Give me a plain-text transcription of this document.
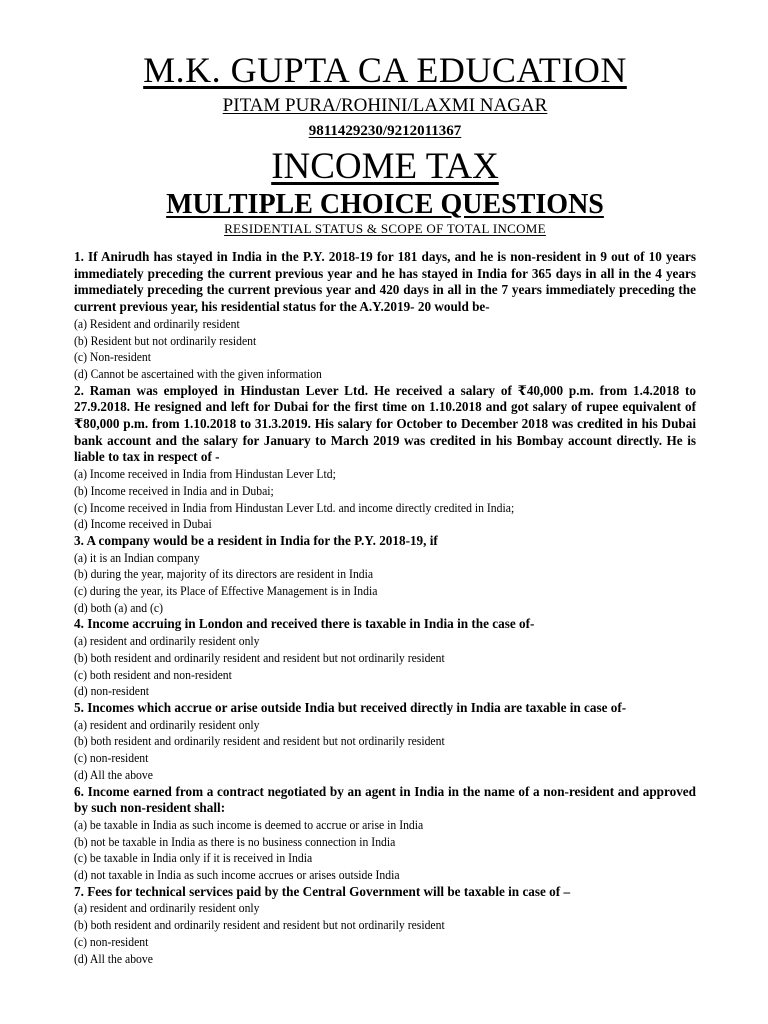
M.K. GUPTA CA EDUCATION
PITAM PURA/ROHINI/LAXMI NAGAR
9811429230/9212011367
INCOME TAX
MULTIPLE CHOICE QUESTIONS
RESIDENTIAL STATUS & SCOPE OF TOTAL INCOME

1. If Anirudh has stayed in India in the P.Y. 2018-19 for 181 days, and he is non-resident in 9 out of 10 years immediately preceding the current previous year and he has stayed in India for 365 days in all in the 4 years immediately preceding the current previous year and 420 days in all in the 7 years immediately preceding the current previous year, his residential status for the A.Y.2019- 20 would be-

(a) Resident and ordinarily resident
(b) Resident but not ordinarily resident
(c) Non-resident
(d) Cannot be ascertained with the given information

2. Raman was employed in Hindustan Lever Ltd. He received a salary of ₹40,000 p.m. from 1.4.2018 to 27.9.2018. He resigned and left for Dubai for the first time on 1.10.2018 and got salary of rupee equivalent of ₹80,000 p.m. from 1.10.2018 to 31.3.2019. His salary for October to December 2018 was credited in his Dubai bank account and the salary for January to March 2019 was credited in his Bombay account directly. He is liable to tax in respect of -

(a) Income received in India from Hindustan Lever Ltd;
(b) Income received in India and in Dubai;
(c) Income received in India from Hindustan Lever Ltd. and income directly credited in India;
(d) Income received in Dubai

3. A company would be a resident in India for the P.Y. 2018-19, if

(a) it is an Indian company
(b) during the year, majority of its directors are resident in India
(c) during the year, its Place of Effective Management is in India
(d) both (a) and (c)

4. Income accruing in London and received there is taxable in India in the case of-

(a) resident and ordinarily resident only
(b) both resident and ordinarily resident and resident but not ordinarily resident
(c) both resident and non-resident
(d) non-resident

5. Incomes which accrue or arise outside India but received directly in India are taxable in case of-

(a) resident and ordinarily resident only
(b) both resident and ordinarily resident and resident but not ordinarily resident
(c) non-resident
(d) All the above

6. Income earned from a contract negotiated by an agent in India in the name of a non-resident and approved by such non-resident shall:

(a) be taxable in India as such income is deemed to accrue or arise in India
(b) not be taxable in India as there is no business connection in India
(c) be taxable in India only if it is received in India
(d) not taxable in India as such income accrues or arises outside India

7. Fees for technical services paid by the Central Government will be taxable in case of –

(a) resident and ordinarily resident only
(b) both resident and ordinarily resident and resident but not ordinarily resident
(c) non-resident
(d) All the above
